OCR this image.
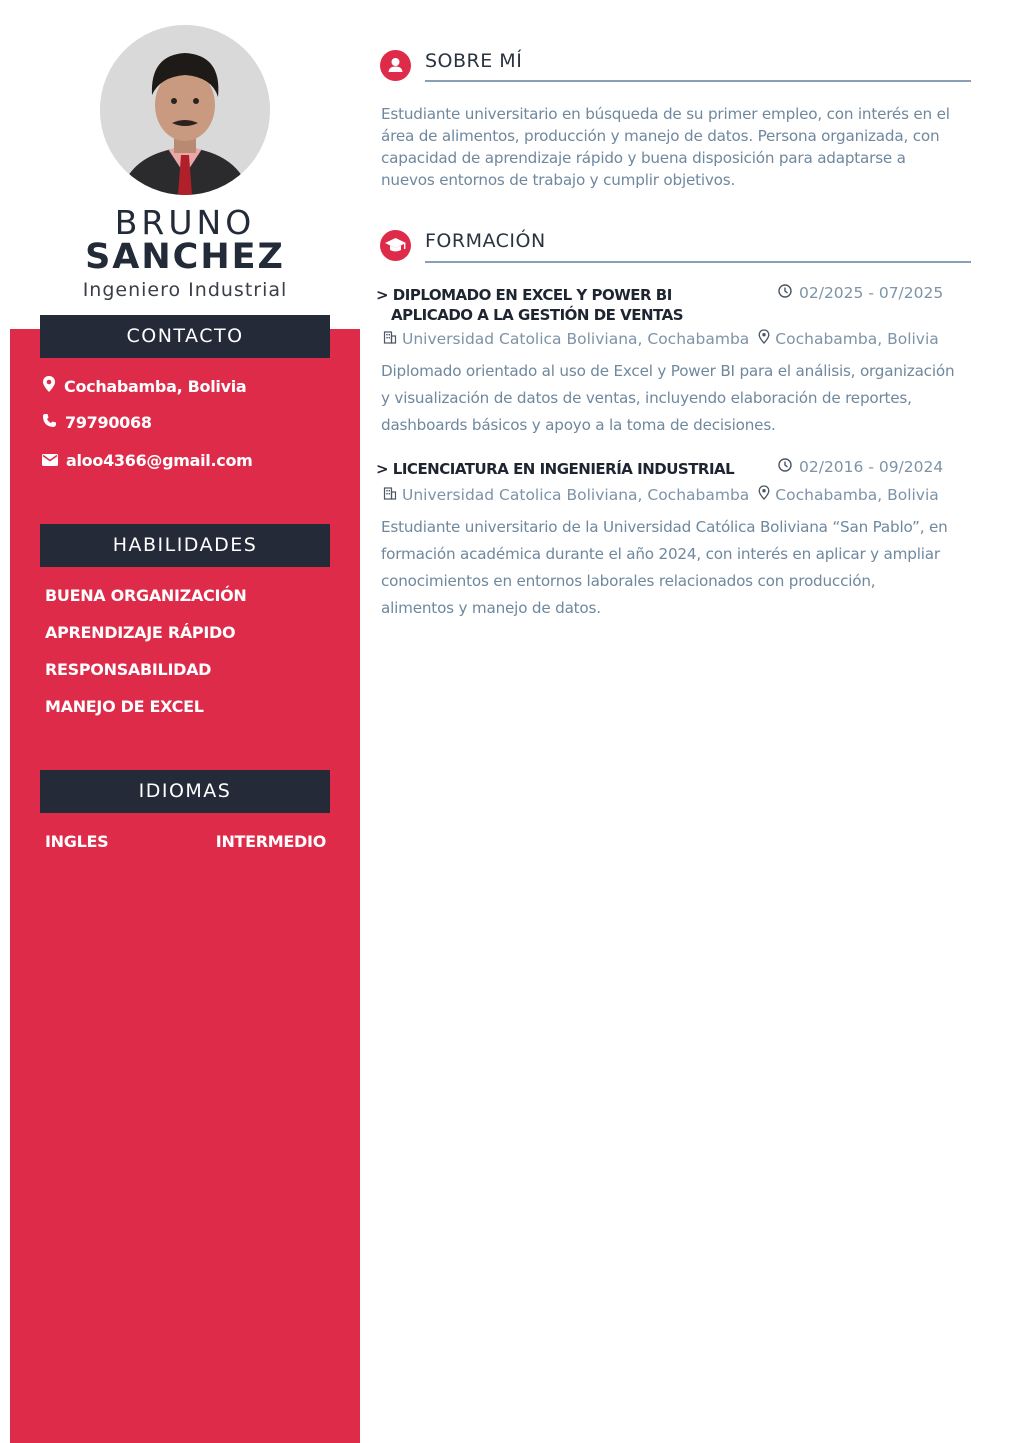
BRUNO
SANCHEZ
Ingeniero Industrial
CONTACTO
Cochabamba, Bolivia
79790068
aloo4366@gmail.com
HABILIDADES
BUENA ORGANIZACIÓN
APRENDIZAJE RÁPIDO
RESPONSABILIDAD
MANEJO DE EXCEL
IDIOMAS
INGLES	INTERMEDIO
SOBRE MÍ
Estudiante universitario en búsqueda de su primer empleo, con interés en el
área de alimentos, producción y manejo de datos. Persona organizada, con
capacidad de aprendizaje rápido y buena disposición para adaptarse a
nuevos entornos de trabajo y cumplir objetivos.
FORMACIÓN
> DIPLOMADO EN EXCEL Y POWER BI
APLICADO A LA GESTIÓN DE VENTAS
02/2025 - 07/2025
Universidad Catolica Boliviana, Cochabamba Cochabamba, Bolivia
Diplomado orientado al uso de Excel y Power BI para el análisis, organización
y visualización de datos de ventas, incluyendo elaboración de reportes,
dashboards básicos y apoyo a la toma de decisiones.
> LICENCIATURA EN INGENIERÍA INDUSTRIAL	02/2016 - 09/2024
Universidad Catolica Boliviana, Cochabamba Cochabamba, Bolivia
Estudiante universitario de la Universidad Católica Boliviana “San Pablo”, en
formación académica durante el año 2024, con interés en aplicar y ampliar
conocimientos en entornos laborales relacionados con producción,
alimentos y manejo de datos.
